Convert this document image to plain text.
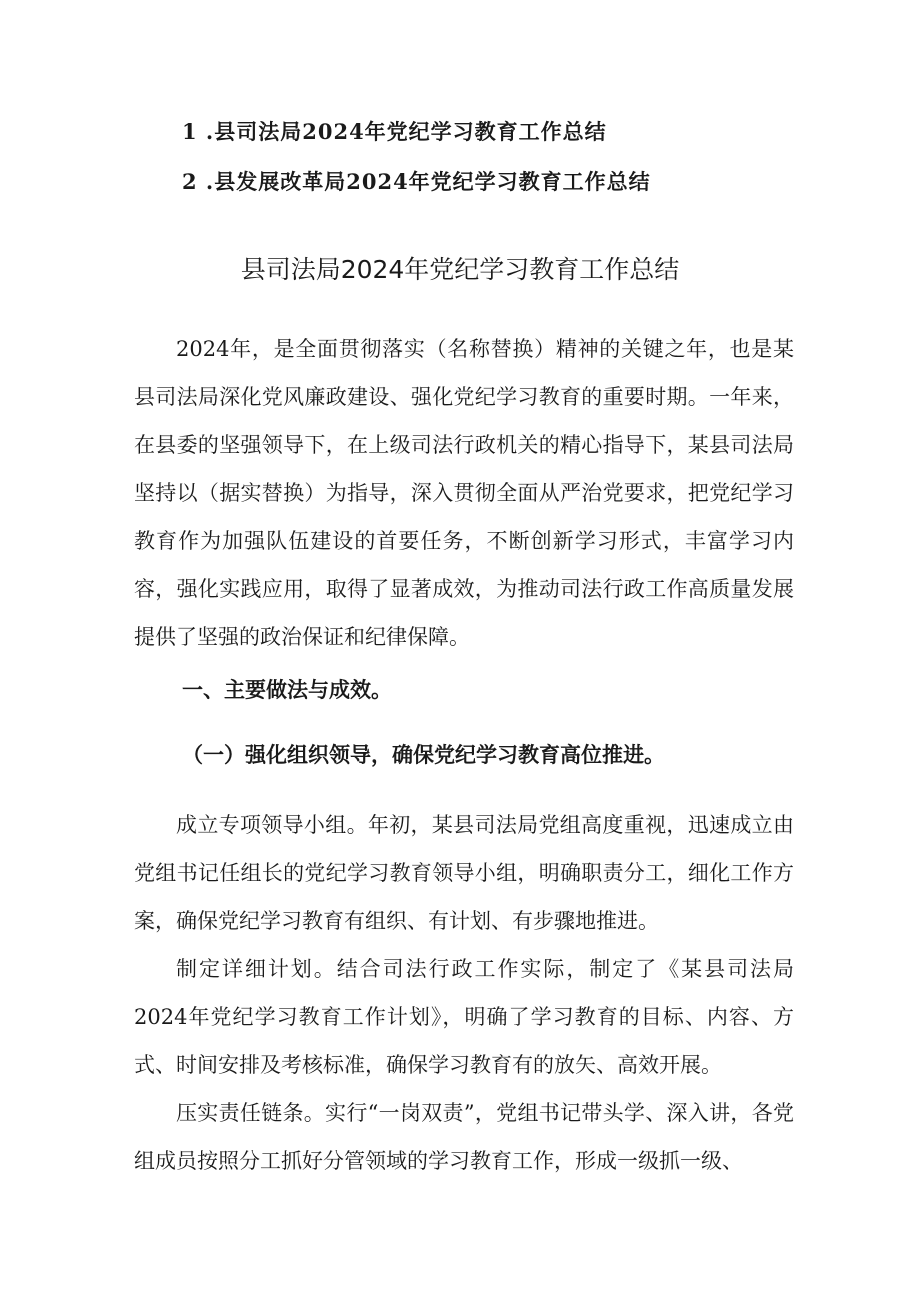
1 .县司法局2024年党纪学习教育工作总结
2 .县发展改革局2024年党纪学习教育工作总结
县司法局2024年党纪学习教育工作总结

2024年，是全面贯彻落实（名称替换）精神的关键之年，也是某县司法局深化党风廉政建设、强化党纪学习教育的重要时期。一年来，在县委的坚强领导下，在上级司法行政机关的精心指导下，某县司法局坚持以（据实替换）为指导，深入贯彻全面从严治党要求，把党纪学习教育作为加强队伍建设的首要任务，不断创新学习形式，丰富学习内容，强化实践应用，取得了显著成效，为推动司法行政工作高质量发展提供了坚强的政治保证和纪律保障。

一、主要做法与成效。
（一）强化组织领导，确保党纪学习教育高位推进。

成立专项领导小组。年初，某县司法局党组高度重视，迅速成立由党组书记任组长的党纪学习教育领导小组，明确职责分工，细化工作方案，确保党纪学习教育有组织、有计划、有步骤地推进。

制定详细计划。结合司法行政工作实际，制定了《某县司法局2024年党纪学习教育工作计划》，明确了学习教育的目标、内容、方式、时间安排及考核标准，确保学习教育有的放矢、高效开展。

压实责任链条。实行“一岗双责”，党组书记带头学、深入讲，各党组成员按照分工抓好分管领域的学习教育工作，形成一级抓一级、
